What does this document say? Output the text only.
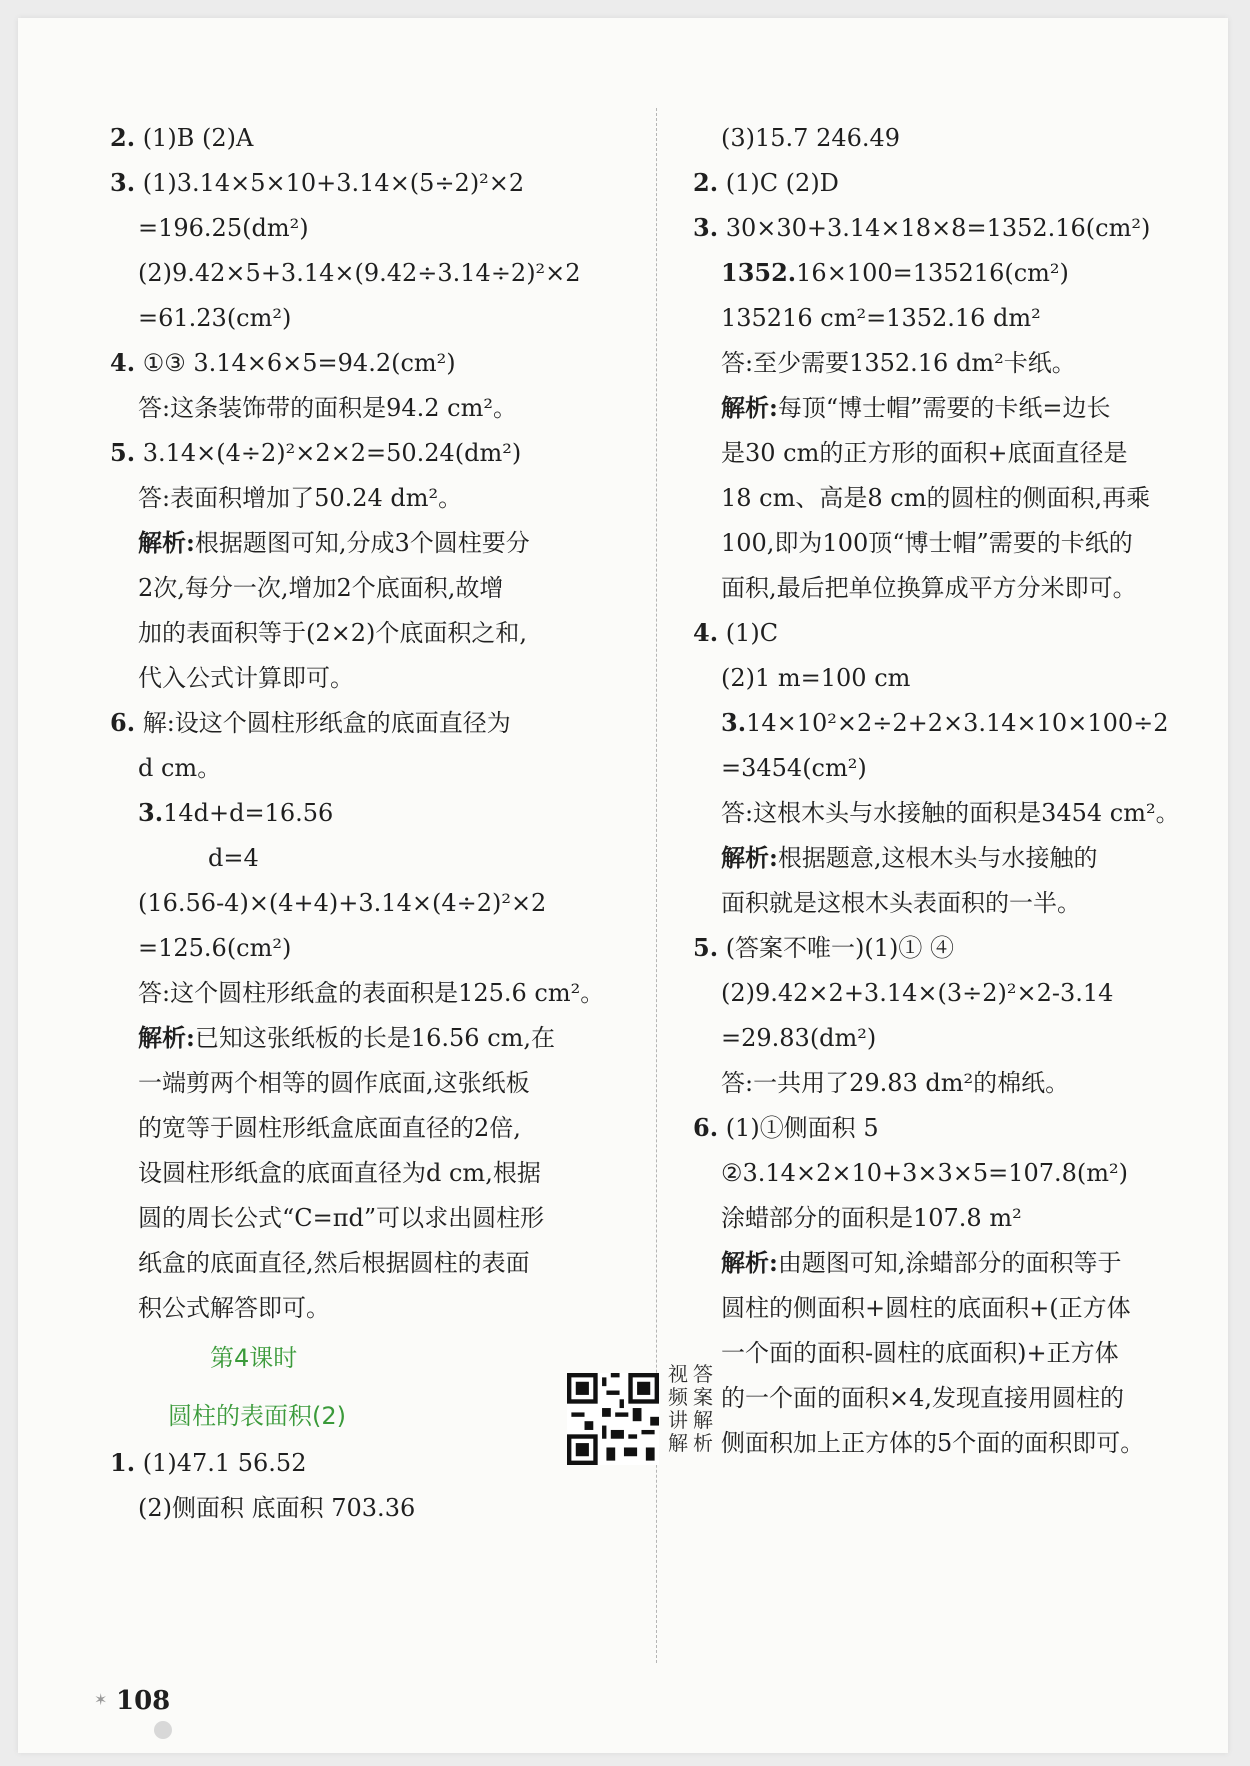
2. (1)B (2)A
3. (1)3.14×5×10+3.14×(5÷2)²×2
=196.25(dm²)
(2)9.42×5+3.14×(9.42÷3.14÷2)²×2
=61.23(cm²)
4. ①③ 3.14×6×5=94.2(cm²)
答:这条装饰带的面积是94.2 cm²。
5. 3.14×(4÷2)²×2×2=50.24(dm²)
答:表面积增加了50.24 dm²。
解析:根据题图可知,分成3个圆柱要分
2次,每分一次,增加2个底面积,故增
加的表面积等于(2×2)个底面积之和,
代入公式计算即可。
6. 解:设这个圆柱形纸盒的底面直径为
d cm。
3.14d+d=16.56
d=4
(16.56-4)×(4+4)+3.14×(4÷2)²×2
=125.6(cm²)
答:这个圆柱形纸盒的表面积是125.6 cm²。
解析:已知这张纸板的长是16.56 cm,在
一端剪两个相等的圆作底面,这张纸板
的宽等于圆柱形纸盒底面直径的2倍,
设圆柱形纸盒的底面直径为d cm,根据
圆的周长公式“C=πd”可以求出圆柱形
纸盒的底面直径,然后根据圆柱的表面
积公式解答即可。
第4课时
圆柱的表面积(2)
视频讲解
答案解析
1. (1)47.1 56.52
(2)侧面积 底面积 703.36
(3)15.7 246.49
2. (1)C (2)D
3. 30×30+3.14×18×8=1352.16(cm²)
1352.16×100=135216(cm²)
135216 cm²=1352.16 dm²
答:至少需要1352.16 dm²卡纸。
解析:每顶“博士帽”需要的卡纸=边长
是30 cm的正方形的面积+底面直径是
18 cm、高是8 cm的圆柱的侧面积,再乘
100,即为100顶“博士帽”需要的卡纸的
面积,最后把单位换算成平方分米即可。
4. (1)C
(2)1 m=100 cm
3.14×10²×2÷2+2×3.14×10×100÷2
=3454(cm²)
答:这根木头与水接触的面积是3454 cm²。
解析:根据题意,这根木头与水接触的
面积就是这根木头表面积的一半。
5. (答案不唯一)(1)① ④
(2)9.42×2+3.14×(3÷2)²×2-3.14
=29.83(dm²)
答:一共用了29.83 dm²的棉纸。
6. (1)①侧面积 5
②3.14×2×10+3×3×5=107.8(m²)
涂蜡部分的面积是107.8 m²
解析:由题图可知,涂蜡部分的面积等于
圆柱的侧面积+圆柱的底面积+(正方体
一个面的面积-圆柱的底面积)+正方体
的一个面的面积×4,发现直接用圆柱的
侧面积加上正方体的5个面的面积即可。
✶ 108
